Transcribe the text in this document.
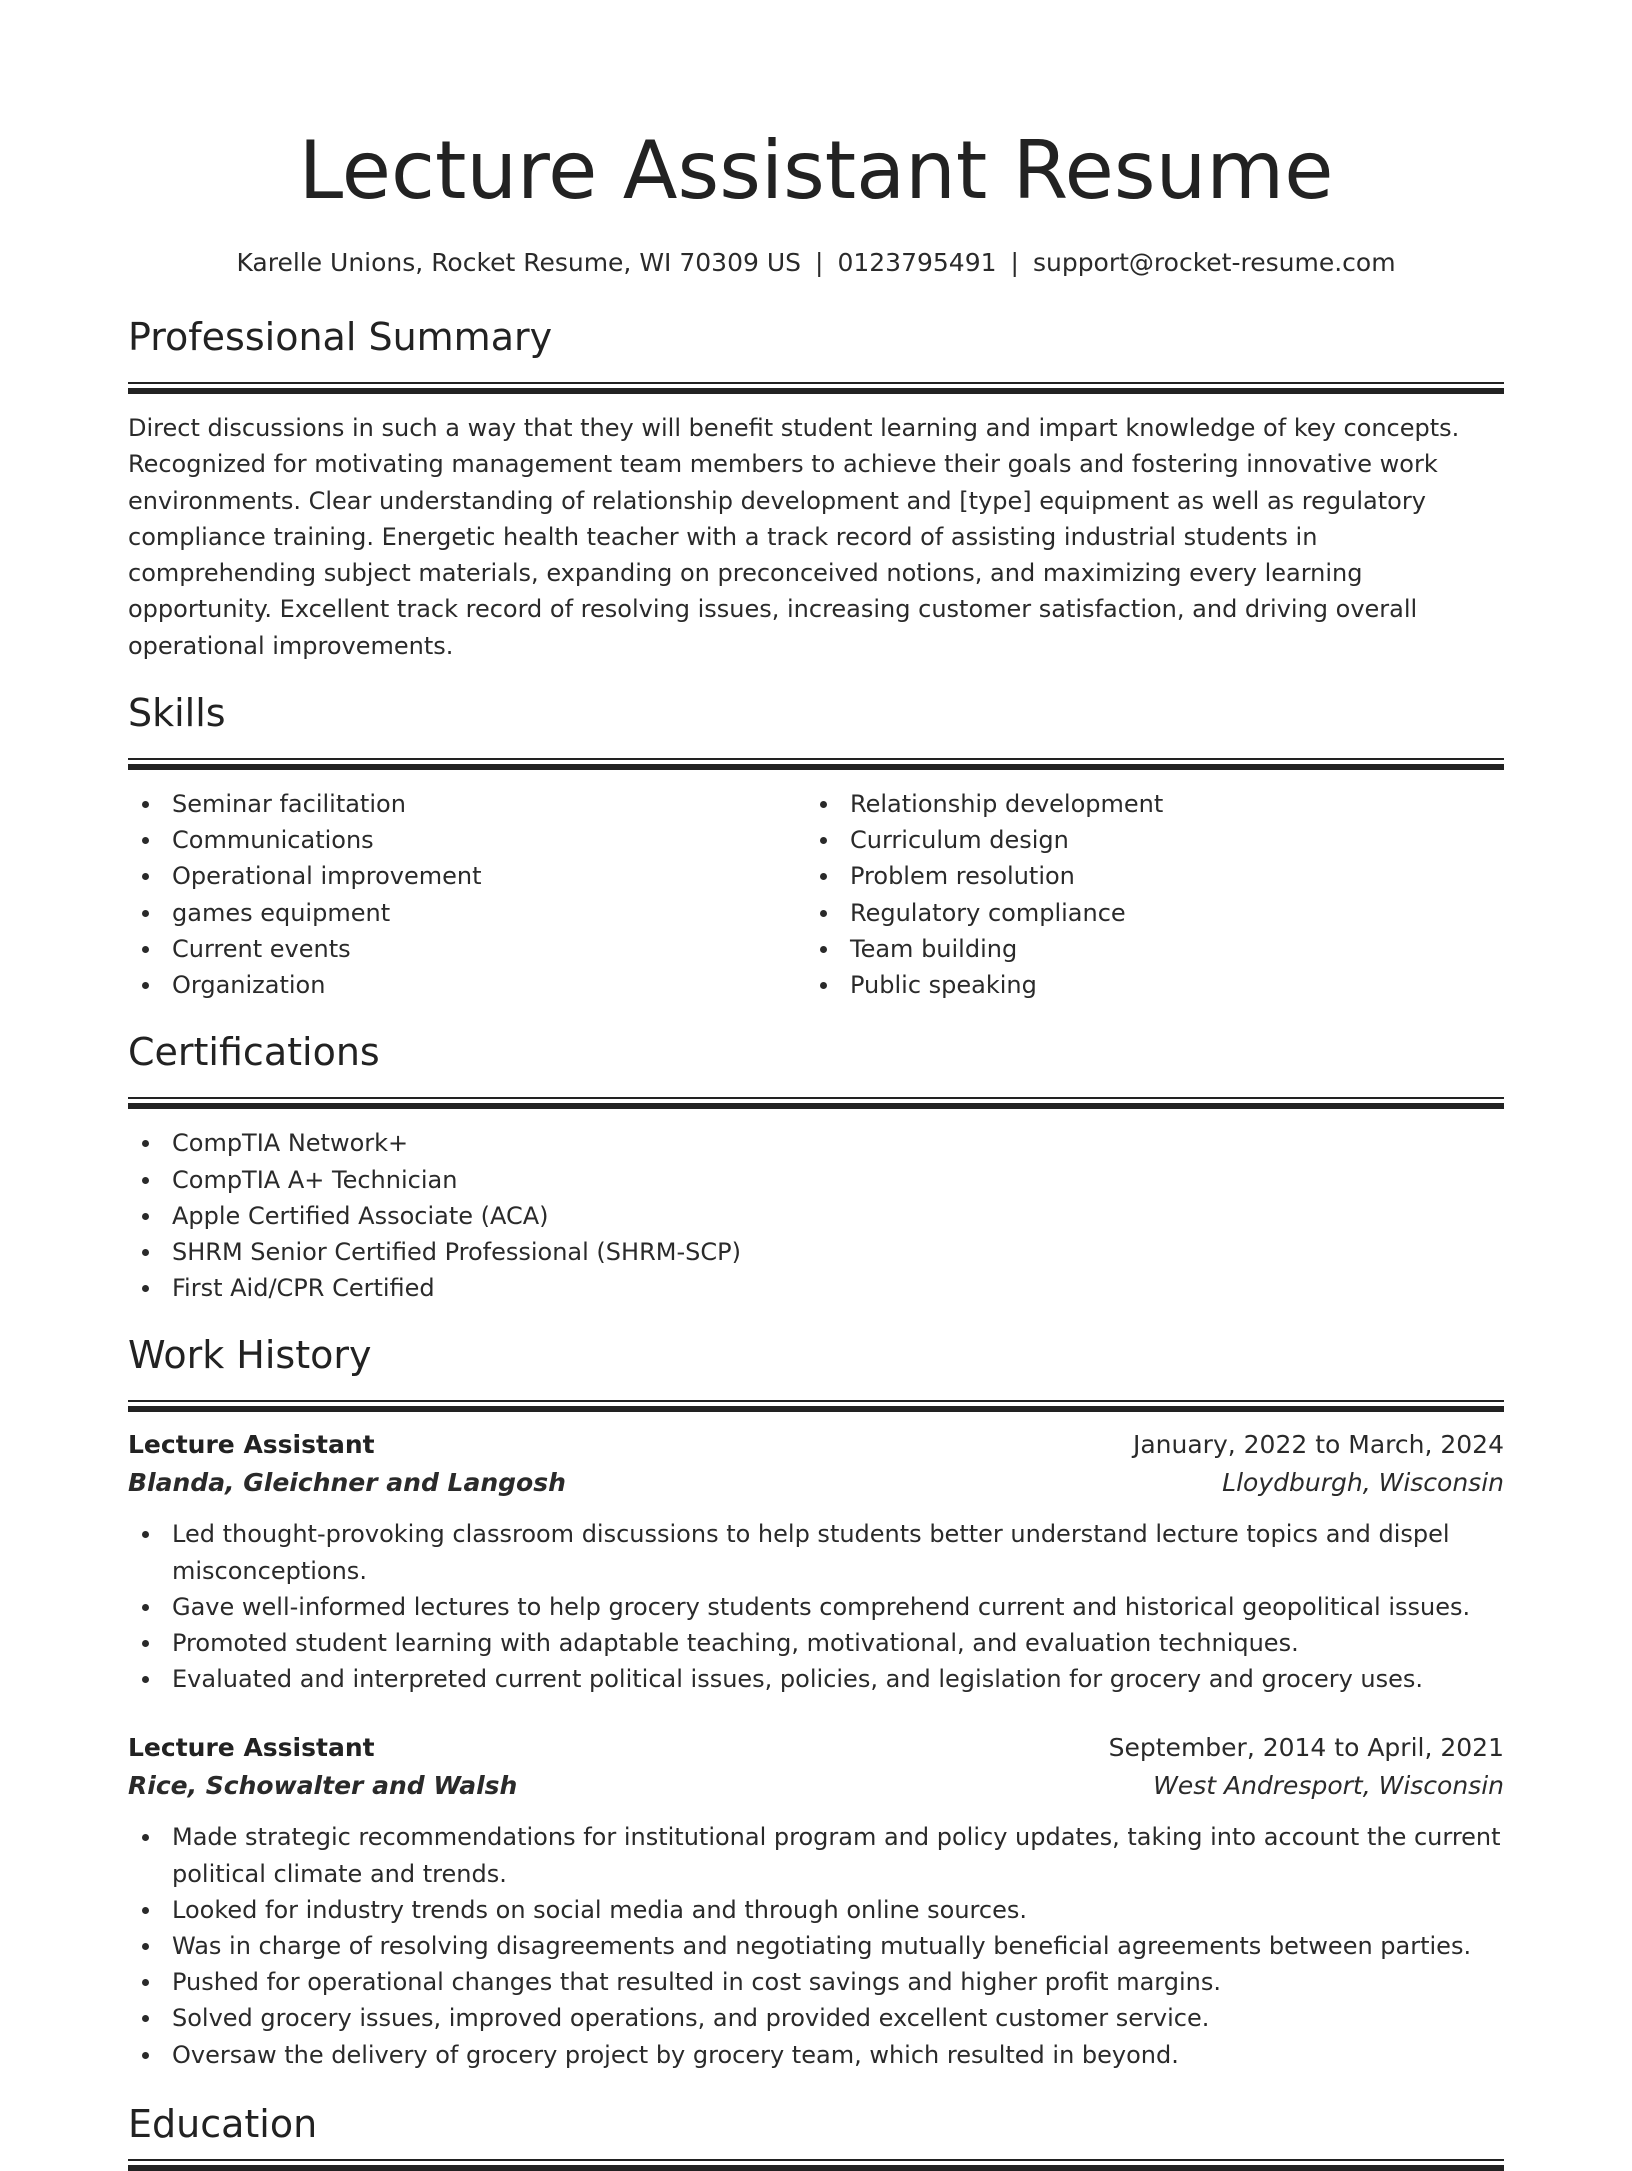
Lecture Assistant Resume
Karelle Unions, Rocket Resume, WI 70309 US | 0123795491 | support@rocket-resume.com
Professional Summary

Direct discussions in such a way that they will benefit student learning and impart knowledge of key concepts. Recognized for motivating management team members to achieve their goals and fostering innovative work environments. Clear understanding of relationship development and [type] equipment as well as regulatory compliance training. Energetic health teacher with a track record of assisting industrial students in comprehending subject materials, expanding on preconceived notions, and maximizing every learning opportunity. Excellent track record of resolving issues, increasing customer satisfaction, and driving overall operational improvements.

Skills
Seminar facilitation
Communications
Operational improvement
games equipment
Current events
Organization
Relationship development
Curriculum design
Problem resolution
Regulatory compliance
Team building
Public speaking
Certifications
CompTIA Network+
CompTIA A+ Technician
Apple Certified Associate (ACA)
SHRM Senior Certified Professional (SHRM-SCP)
First Aid/CPR Certified
Work History
Lecture Assistant	January, 2022 to March, 2024
Blanda, Gleichner and Langosh	Lloydburgh, Wisconsin
Led thought-provoking classroom discussions to help students better understand lecture topics and dispel misconceptions.
Gave well-informed lectures to help grocery students comprehend current and historical geopolitical issues.
Promoted student learning with adaptable teaching, motivational, and evaluation techniques.
Evaluated and interpreted current political issues, policies, and legislation for grocery and grocery uses.
Lecture Assistant	September, 2014 to April, 2021
Rice, Schowalter and Walsh	West Andresport, Wisconsin
Made strategic recommendations for institutional program and policy updates, taking into account the current political climate and trends.
Looked for industry trends on social media and through online sources.
Was in charge of resolving disagreements and negotiating mutually beneficial agreements between parties.
Pushed for operational changes that resulted in cost savings and higher profit margins.
Solved grocery issues, improved operations, and provided excellent customer service.
Oversaw the delivery of grocery project by grocery team, which resulted in beyond.
Education
